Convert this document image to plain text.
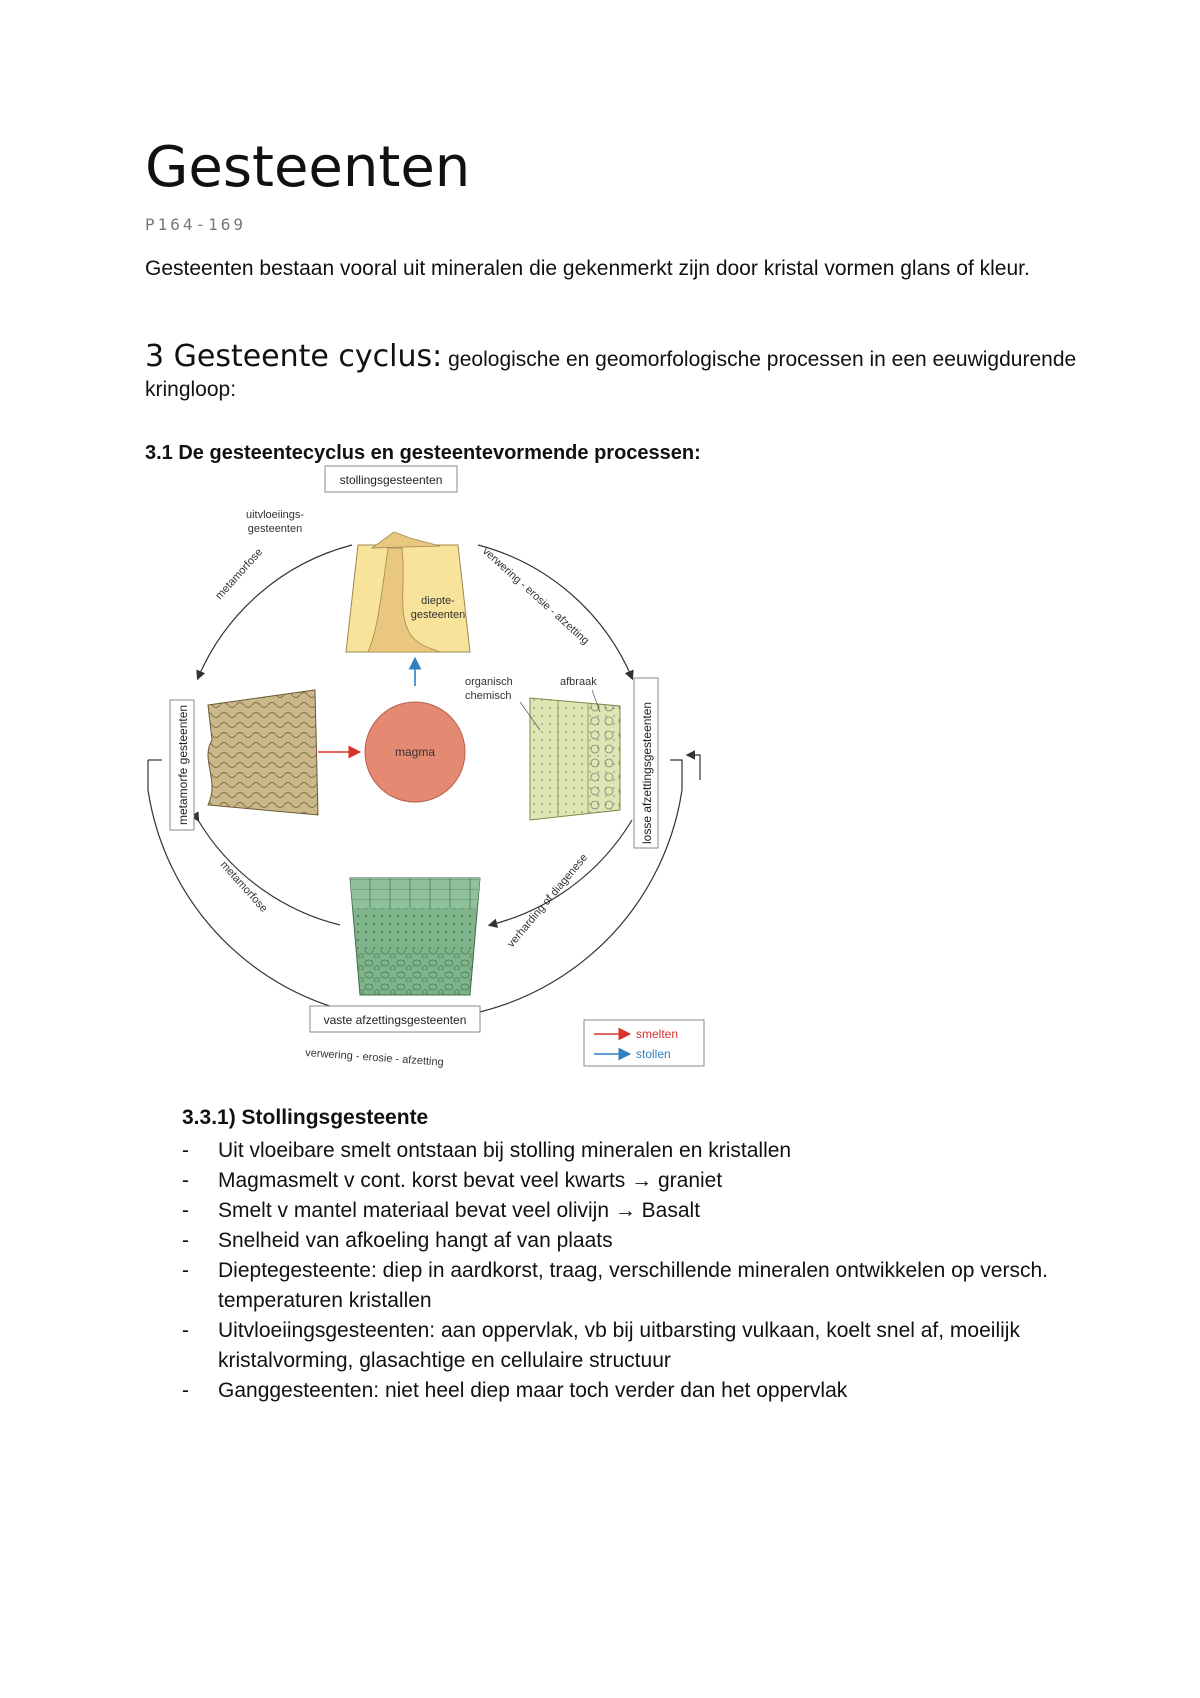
Gesteenten
P164-169
Gesteenten bestaan vooral uit mineralen die gekenmerkt zijn door kristal vormen glans of kleur.
3 Gesteente cyclus: geologische en geomorfologische processen in een eeuwigdurende kringloop:
3.1 De gesteentecyclus en gesteentevormende processen:
stollingsgesteenten
uitvloeiings-
gesteenten
diepte-
gesteenten
magma
metamorfe gesteenten	losse afzettingsgesteenten
organisch
chemisch
afbraak
vaste afzettingsgesteenten
metamorfose	verwering - erosie - afzetting
metamorfose	verharding of diagenese
verwering - erosie - afzetting
smelten
stollen
3.3.1) Stollingsgesteente
- Uit vloeibare smelt ontstaan bij stolling mineralen en kristallen
- Magmasmelt v cont. korst bevat veel kwarts → graniet
- Smelt v mantel materiaal bevat veel olivijn → Basalt
- Snelheid van afkoeling hangt af van plaats
- Dieptegesteente: diep in aardkorst, traag, verschillende mineralen ontwikkelen op versch. temperaturen kristallen
- Uitvloeiingsgesteenten: aan oppervlak, vb bij uitbarsting vulkaan, koelt snel af, moeilijk kristalvorming, glasachtige en cellulaire structuur
- Ganggesteenten: niet heel diep maar toch verder dan het oppervlak
